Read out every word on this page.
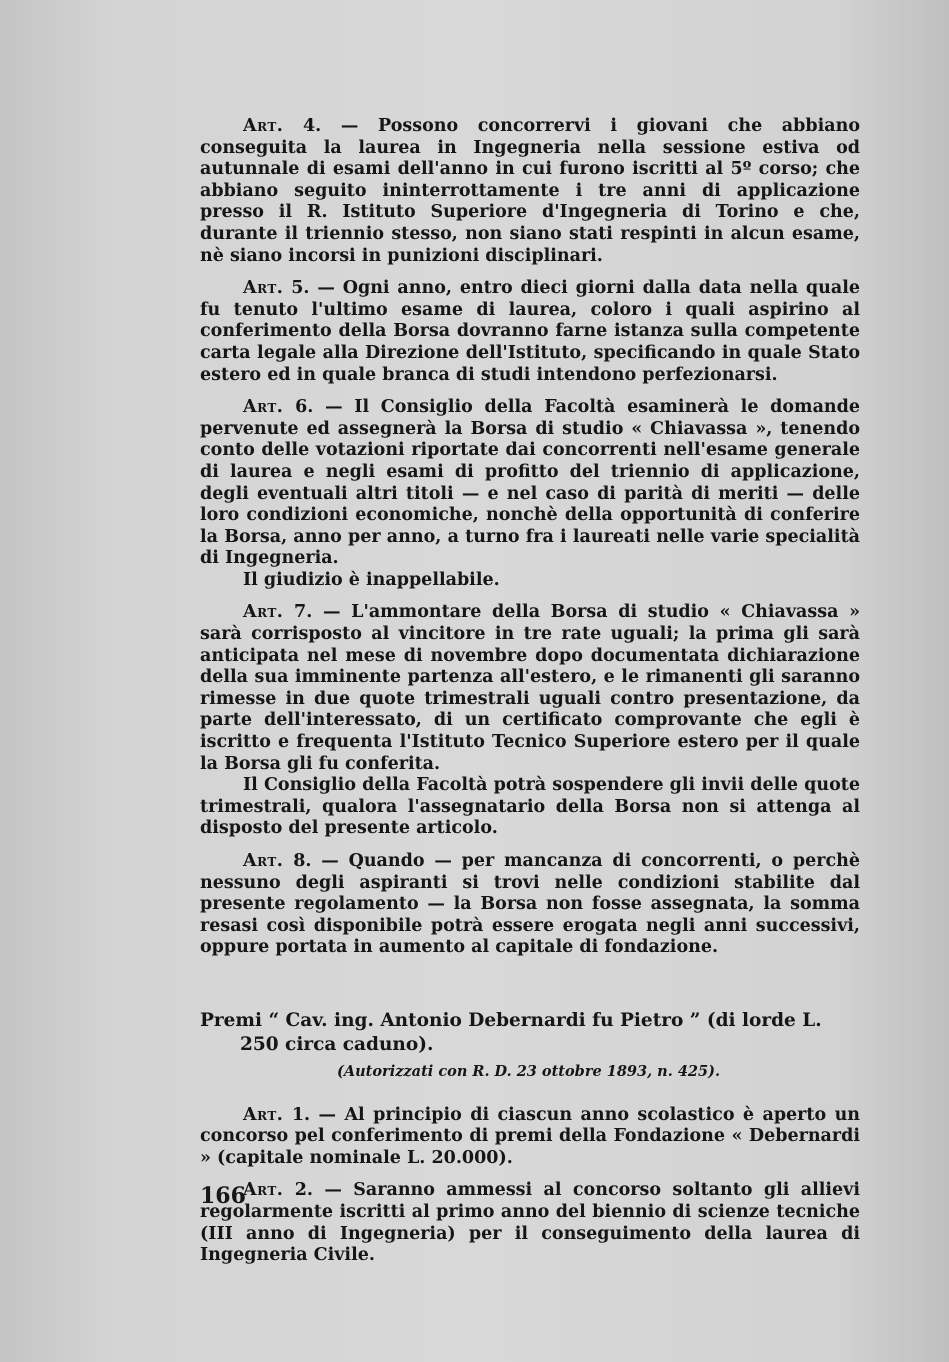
Art. 4. — Possono concorrervi i giovani che abbiano conseguita la laurea in Ingegneria nella sessione estiva od autunnale di esami dell'anno in cui furono iscritti al 5º corso; che abbiano seguito ininterrottamente i tre anni di applicazione presso il R. Istituto Superiore d'Ingegneria di Torino e che, durante il triennio stesso, non siano stati respinti in alcun esame, nè siano incorsi in punizioni disciplinari.

Art. 5. — Ogni anno, entro dieci giorni dalla data nella quale fu tenuto l'ultimo esame di laurea, coloro i quali aspirino al conferimento della Borsa dovranno farne istanza sulla competente carta legale alla Direzione dell'Istituto, specificando in quale Stato estero ed in quale branca di studi intendono perfezionarsi.

Art. 6. — Il Consiglio della Facoltà esaminerà le domande pervenute ed assegnerà la Borsa di studio « Chiavassa », tenendo conto delle votazioni riportate dai concorrenti nell'esame generale di laurea e negli esami di profitto del triennio di applicazione, degli eventuali altri titoli — e nel caso di parità di meriti — delle loro condizioni economiche, nonchè della opportunità di conferire la Borsa, anno per anno, a turno fra i laureati nelle varie specialità di Ingegneria.

Il giudizio è inappellabile.

Art. 7. — L'ammontare della Borsa di studio « Chiavassa » sarà corrisposto al vincitore in tre rate uguali; la prima gli sarà anticipata nel mese di novembre dopo documentata dichiarazione della sua imminente partenza all'estero, e le rimanenti gli saranno rimesse in due quote trimestrali uguali contro presentazione, da parte dell'interessato, di un certificato comprovante che egli è iscritto e frequenta l'Istituto Tecnico Superiore estero per il quale la Borsa gli fu conferita.

Il Consiglio della Facoltà potrà sospendere gli invii delle quote trimestrali, qualora l'assegnatario della Borsa non si attenga al disposto del presente articolo.

Art. 8. — Quando — per mancanza di concorrenti, o perchè nessuno degli aspiranti si trovi nelle condizioni stabilite dal presente regolamento — la Borsa non fosse assegnata, la somma resasi così disponibile potrà essere erogata negli anni successivi, oppure portata in aumento al capitale di fondazione.

Premi “ Cav. ing. Antonio Debernardi fu Pietro ” (di lorde L. 250 circa caduno).

(Autorizzati con R. D. 23 ottobre 1893, n. 425).

Art. 1. — Al principio di ciascun anno scolastico è aperto un concorso pel conferimento di premi della Fondazione « Debernardi » (capitale nominale L. 20.000).

Art. 2. — Saranno ammessi al concorso soltanto gli allievi regolarmente iscritti al primo anno del biennio di scienze tecniche (III anno di Ingegneria) per il conseguimento della laurea di Ingegneria Civile.

166
